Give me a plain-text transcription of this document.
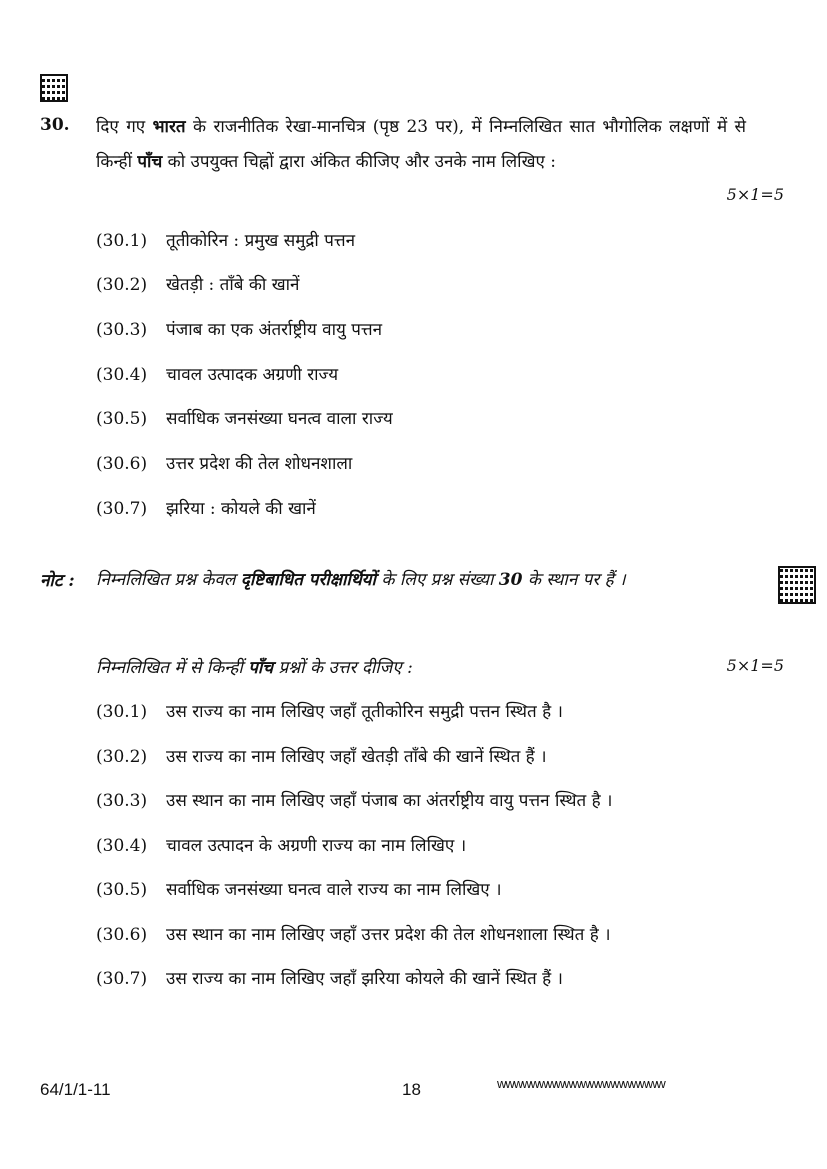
30. दिए गए भारत के राजनीतिक रेखा-मानचित्र (पृष्ठ 23 पर), में निम्नलिखित सात भौगोलिक लक्षणों में से किन्हीं पाँच को उपयुक्त चिह्नों द्वारा अंकित कीजिए और उनके नाम लिखिए :
5×1=5
(30.1) तूतीकोरिन : प्रमुख समुद्री पत्तन
(30.2) खेतड़ी : ताँबे की खानें
(30.3) पंजाब का एक अंतर्राष्ट्रीय वायु पत्तन
(30.4) चावल उत्पादक अग्रणी राज्य
(30.5) सर्वाधिक जनसंख्या घनत्व वाला राज्य
(30.6) उत्तर प्रदेश की तेल शोधनशाला
(30.7) झरिया : कोयले की खानें
नोट : निम्नलिखित प्रश्न केवल दृष्टिबाधित परीक्षार्थियों के लिए प्रश्न संख्या 30 के स्थान पर हैं ।
निम्नलिखित में से किन्हीं पाँच प्रश्नों के उत्तर दीजिए :	5×1=5
(30.1) उस राज्य का नाम लिखिए जहाँ तूतीकोरिन समुद्री पत्तन स्थित है ।
(30.2) उस राज्य का नाम लिखिए जहाँ खेतड़ी ताँबे की खानें स्थित हैं ।
(30.3) उस स्थान का नाम लिखिए जहाँ पंजाब का अंतर्राष्ट्रीय वायु पत्तन स्थित है ।
(30.4) चावल उत्पादन के अग्रणी राज्य का नाम लिखिए ।
(30.5) सर्वाधिक जनसंख्या घनत्व वाले राज्य का नाम लिखिए ।
(30.6) उस स्थान का नाम लिखिए जहाँ उत्तर प्रदेश की तेल शोधनशाला स्थित है ।
(30.7) उस राज्य का नाम लिखिए जहाँ झरिया कोयले की खानें स्थित हैं ।
64/1/1-11	18	wwwwwwwwwwwwwwwwwwww
